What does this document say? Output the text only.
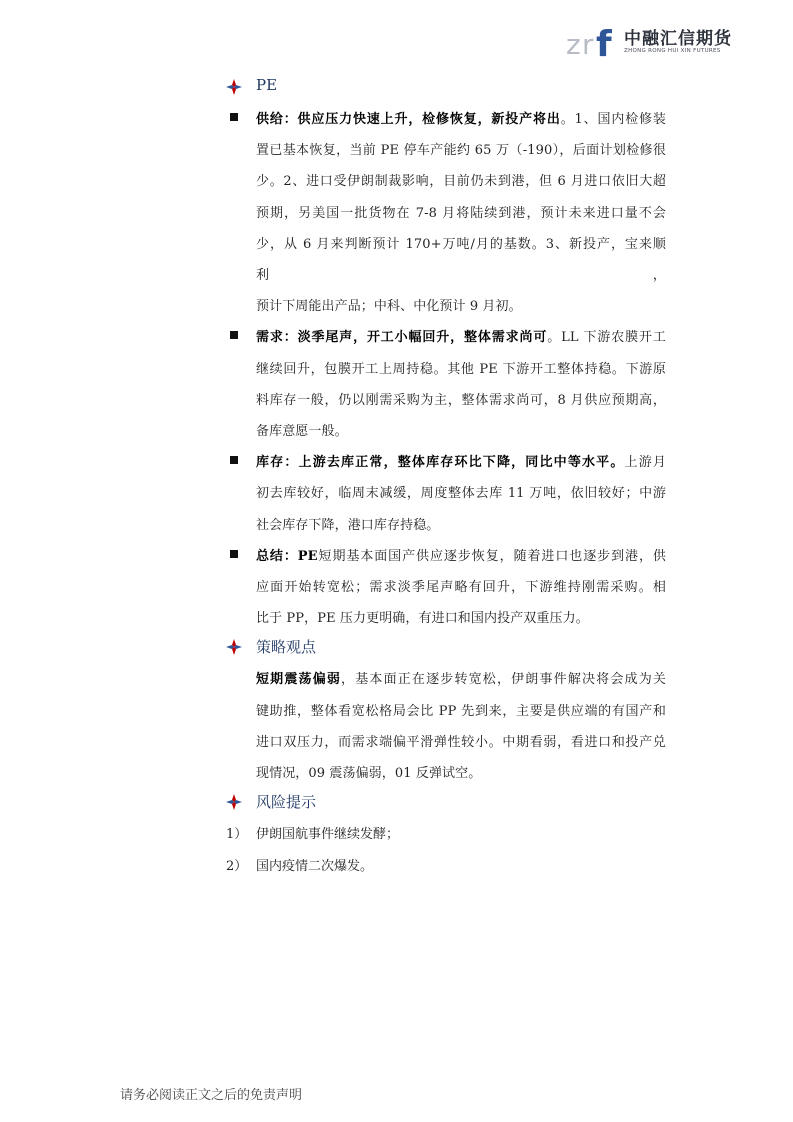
z r f 中融汇信期货
ZHONG RONG HUI XIN FUTURES
PE
供给：供应压力快速上升，检修恢复，新投产将出。1、国内检修装
置已基本恢复，当前 PE 停车产能约 65 万（-190），后面计划检修很
少。2、进口受伊朗制裁影响，目前仍未到港，但 6 月进口依旧大超
预期，另美国一批货物在 7-8 月将陆续到港，预计未来进口量不会
少，从 6 月来判断预计 170+万吨/月的基数。3、新投产，宝来顺利，
预计下周能出产品；中科、中化预计 9 月初。
需求：淡季尾声，开工小幅回升，整体需求尚可。LL 下游农膜开工
继续回升，包膜开工上周持稳。其他 PE 下游开工整体持稳。下游原
料库存一般，仍以刚需采购为主，整体需求尚可，8 月供应预期高，
备库意愿一般。
库存：上游去库正常，整体库存环比下降，同比中等水平。上游月
初去库较好，临周末减缓，周度整体去库 11 万吨，依旧较好；中游
社会库存下降，港口库存持稳。
总结：PE短期基本面国产供应逐步恢复，随着进口也逐步到港，供
应面开始转宽松；需求淡季尾声略有回升，下游维持刚需采购。相
比于 PP，PE 压力更明确，有进口和国内投产双重压力。
策略观点
短期震荡偏弱，基本面正在逐步转宽松，伊朗事件解决将会成为关
键助推，整体看宽松格局会比 PP 先到来，主要是供应端的有国产和
进口双压力，而需求端偏平滑弹性较小。中期看弱，看进口和投产兑
现情况，09 震荡偏弱，01 反弹试空。
风险提示
1） 伊朗国航事件继续发酵；
2） 国内疫情二次爆发。
请务必阅读正文之后的免责声明
